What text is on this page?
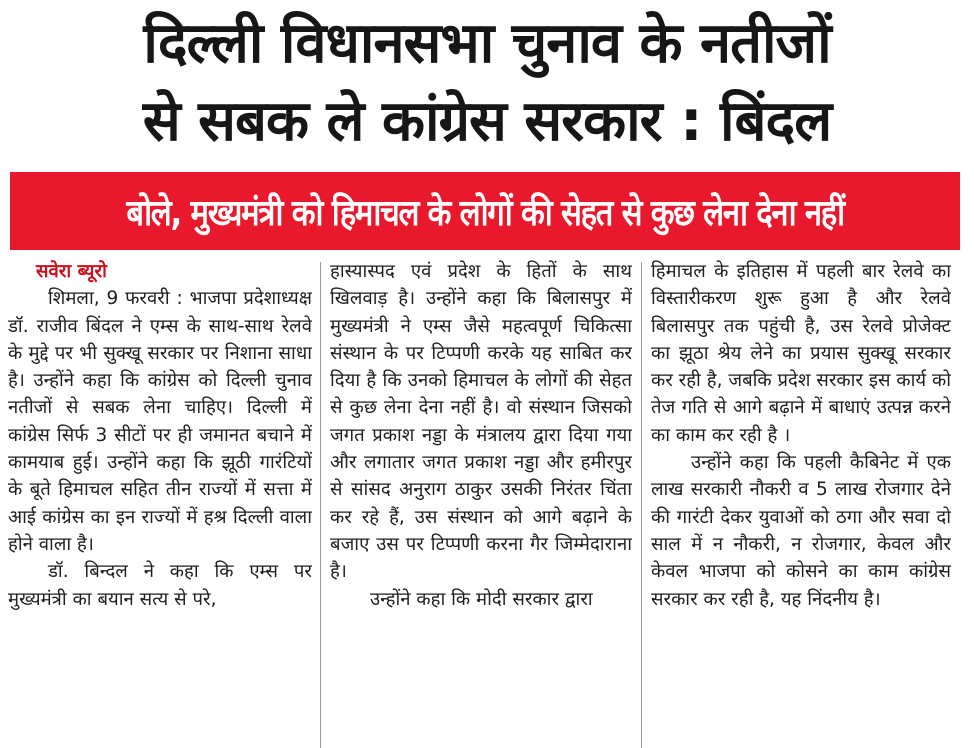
दिल्ली विधानसभा चुनाव के नतीजों
से सबक ले कांग्रेस सरकार : बिंदल
बोले, मुख्यमंत्री को हिमाचल के लोगों की सेहत से कुछ लेना देना नहीं

सवेरा ब्यूरो

शिमला, 9 फरवरी : भाजपा प्रदेशाध्यक्ष डॉ. राजीव बिंदल ने एम्स के साथ-साथ रेलवे के मुद्दे पर भी सुक्खू सरकार पर निशाना साधा है। उन्होंने कहा कि कांग्रेस को दिल्ली चुनाव नतीजों से सबक लेना चाहिए। दिल्ली में कांग्रेस सिर्फ 3 सीटों पर ही जमानत बचाने में कामयाब हुई। उन्होंने कहा कि झूठी गारंटियों के बूते हिमाचल सहित तीन राज्यों में सत्ता में आई कांग्रेस का इन राज्यों में हश्र दिल्ली वाला होने वाला है।

डॉ. बिन्दल ने कहा कि एम्स पर मुख्यमंत्री का बयान सत्य से परे,

हास्यास्पद एवं प्रदेश के हितों के साथ खिलवाड़ है। उन्होंने कहा कि बिलासपुर में मुख्यमंत्री ने एम्स जैसे महत्वपूर्ण चिकित्सा संस्थान के पर टिप्पणी करके यह साबित कर दिया है कि उनको हिमाचल के लोगों की सेहत से कुछ लेना देना नहीं है। वो संस्थान जिसको जगत प्रकाश नड्डा के मंत्रालय द्वारा दिया गया और लगातार जगत प्रकाश नड्डा और हमीरपुर से सांसद अनुराग ठाकुर उसकी निरंतर चिंता कर रहे हैं, उस संस्थान को आगे बढ़ाने के बजाए उस पर टिप्पणी करना गैर जिम्मेदाराना है।

उन्होंने कहा कि मोदी सरकार द्वारा

हिमाचल के इतिहास में पहली बार रेलवे का विस्तारीकरण शुरू हुआ है और रेलवे बिलासपुर तक पहुंची है, उस रेलवे प्रोजेक्ट का झूठा श्रेय लेने का प्रयास सुक्खू सरकार कर रही है, जबकि प्रदेश सरकार इस कार्य को तेज गति से आगे बढ़ाने में बाधाएं उत्पन्न करने का काम कर रही है ।

उन्होंने कहा कि पहली कैबिनेट में एक लाख सरकारी नौकरी व 5 लाख रोजगार देने की गारंटी देकर युवाओं को ठगा और सवा दो साल में न नौकरी, न रोजगार, केवल और केवल भाजपा को कोसने का काम कांग्रेस सरकार कर रही है, यह निंदनीय है।
